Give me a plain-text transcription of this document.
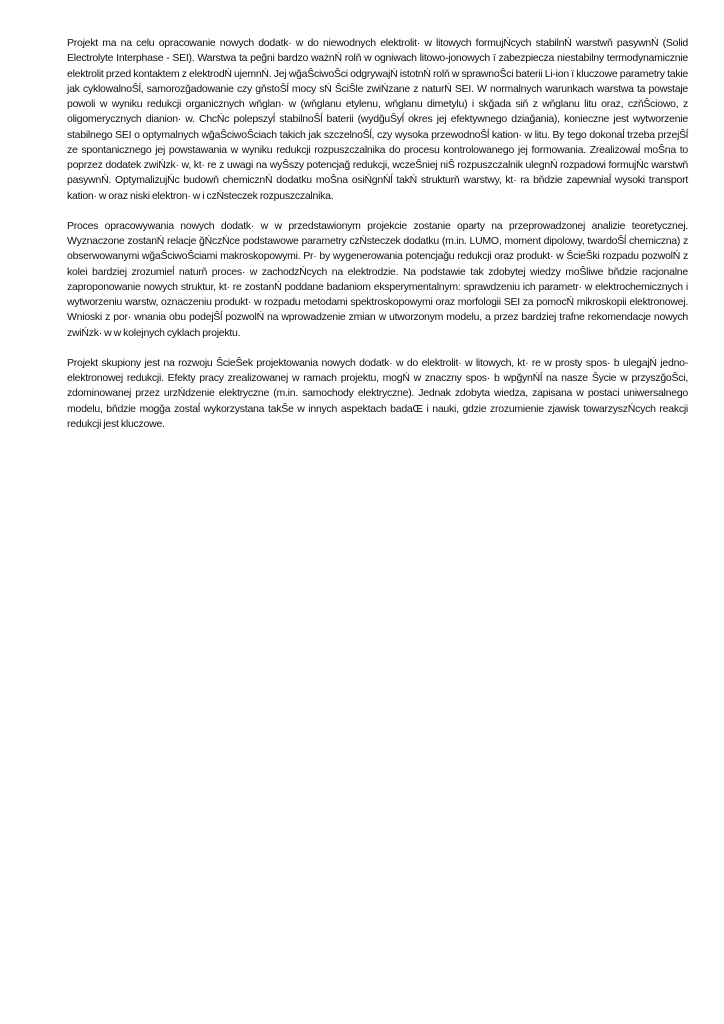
Projekt ma na celu opracowanie nowych dodatk· w do niewodnych elektrolit· w litowych formujŃcych stabilnŃ warstwň pasywnŃ (Solid Electrolyte Interphase - SEI). Warstwa ta peğni bardzo ważnŃ rolň w ogniwach litowo-jonowych ï zabezpiecza niestabilny termodynamicznie elektrolit przed kontaktem z elektrodŃ ujemnŃ. Jej wğaŜciwoŜci odgrywajŃ istotnŃ rolň w sprawnoŜci baterii Li-ion ï kluczowe parametry takie jak cyklowalnoŜĺ, samorozğadowanie czy gňstoŜĺ mocy sŃ ŜciŜle zwiŃzane z naturŃ SEI. W normalnych warunkach warstwa ta powstaje powoli w wyniku redukcji organicznych wňglan· w (wňglanu etylenu, wňglanu dimetylu) i skğada siň z wňglanu litu oraz, czňŜciowo, z oligomerycznych dianion· w. ChcŃc polepszyĺ stabilnoŜĺ baterii (wydğuŜyĺ okres jej efektywnego dziağania), konieczne jest wytworzenie stabilnego SEI o optymalnych wğaŜciwoŜciach takich jak szczelnoŜĺ, czy wysoka przewodnoŜĺ kation· w litu. By tego dokonaĺ trzeba przejŜĺ ze spontanicznego jej powstawania w wyniku redukcji rozpuszczalnika do procesu kontrolowanego jej formowania. Zrealizowaĺ moŜna to poprzez dodatek zwiŃzk· w, kt· re z uwagi na wyŜszy potencjağ redukcji, wczeŜniej niŜ rozpuszczalnik ulegnŃ rozpadowi formujŃc warstwň pasywnŃ. OptymalizujŃc budowň chemicznŃ dodatku moŜna osiŃgnŃĺ takŃ strukturň warstwy, kt· ra bňdzie zapewniaĺ wysoki transport kation· w oraz niski elektron· w i czŃsteczek rozpuszczalnika.

Proces opracowywania nowych dodatk· w w przedstawionym projekcie zostanie oparty na przeprowadzonej analizie teoretycznej. Wyznaczone zostanŃ relacje ğŃczŃce podstawowe parametry czŃsteczek dodatku (m.in. LUMO, moment dipolowy, twardoŜĺ chemiczna) z obserwowanymi wğaŜciwoŜciami makroskopowymi. Pr· by wygenerowania potencjağu redukcji oraz produkt· w ŜcieŜki rozpadu pozwolŃ z kolei bardziej zrozumieĺ naturň proces· w zachodzŃcych na elektrodzie. Na podstawie tak zdobytej wiedzy moŜliwe bňdzie racjonalne zaproponowanie nowych struktur, kt· re zostanŃ poddane badaniom eksperymentalnym: sprawdzeniu ich parametr· w elektrochemicznych i wytworzeniu warstw, oznaczeniu produkt· w rozpadu metodami spektroskopowymi oraz morfologii SEI za pomocŃ mikroskopii elektronowej. Wnioski z por· wnania obu podejŜĺ pozwolŃ na wprowadzenie zmian w utworzonym modelu, a przez bardziej trafne rekomendacje nowych zwiŃzk· w w kolejnych cyklach projektu.

Projekt skupiony jest na rozwoju ŜcieŜek projektowania nowych dodatk· w do elektrolit· w litowych, kt· re w prosty spos· b ulegajŃ jedno-elektronowej redukcji. Efekty pracy zrealizowanej w ramach projektu, mogŃ w znaczny spos· b wpğynŃĺ na nasze Ŝycie w przyszğoŜci, zdominowanej przez urzŃdzenie elektryczne (m.in. samochody elektryczne). Jednak zdobyta wiedza, zapisana w postaci uniwersalnego modelu, bňdzie mogğa zostaĺ wykorzystana takŜe w innych aspektach badaŒ i nauki, gdzie zrozumienie zjawisk towarzyszŃcych reakcji redukcji jest kluczowe.
